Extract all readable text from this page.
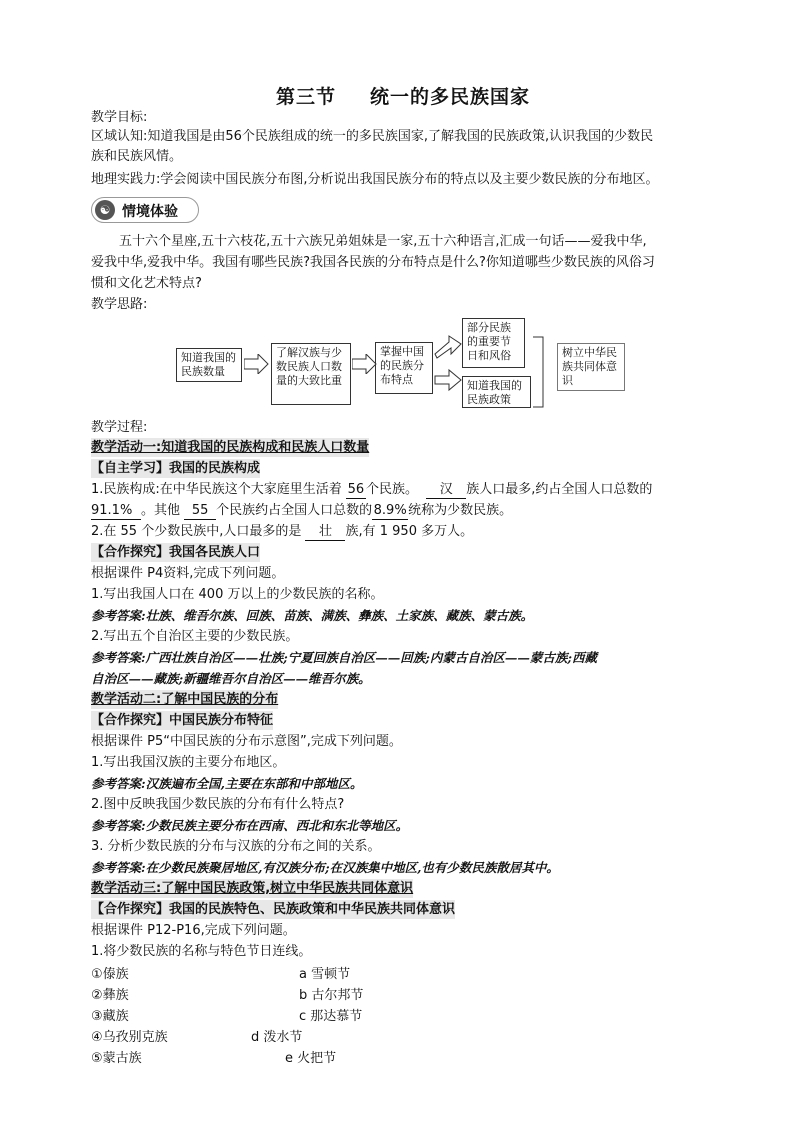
第三节 统一的多民族国家
教学目标:
区域认知:知道我国是由56个民族组成的统一的多民族国家,了解我国的民族政策,认识我国的少数民
族和民族风情。
地理实践力:学会阅读中国民族分布图,分析说出我国民族分布的特点以及主要少数民族的分布地区。
☯ 情境体验
五十六个星座,五十六枝花,五十六族兄弟姐妹是一家,五十六种语言,汇成一句话——爱我中华,
爱我中华,爱我中华。我国有哪些民族?我国各民族的分布特点是什么?你知道哪些少数民族的风俗习
惯和文化艺术特点?
教学思路:
知道我国的民族数量
了解汉族与少数民族人口数量的大致比重
掌握中国的民族分布特点
部分民族的重要节日和风俗
知道我国的民族政策
树立中华民族共同体意识
教学过程:
教学活动一:知道我国的民族构成和民族人口数量
【自主学习】我国的民族构成
1.民族构成:在中华民族这个大家庭里生活着 56 个民族。 汉 族人口最多,约占全国人口总数的
91.1% 。其他 55 个民族约占全国人口总数的8.9%统称为少数民族。
2.在 55 个少数民族中,人口最多的是 壮 族,有 1 950 多万人。
【合作探究】我国各民族人口
根据课件 P4资料,完成下列问题。
1.写出我国人口在 400 万以上的少数民族的名称。
参考答案:壮族、维吾尔族、回族、苗族、满族、彝族、土家族、藏族、蒙古族。
2.写出五个自治区主要的少数民族。
参考答案:广西壮族自治区——壮族;宁夏回族自治区——回族;内蒙古自治区——蒙古族;西藏
自治区——藏族;新疆维吾尔自治区——维吾尔族。
教学活动二:了解中国民族的分布
【合作探究】中国民族分布特征
根据课件 P5“中国民族的分布示意图”,完成下列问题。
1.写出我国汉族的主要分布地区。
参考答案:汉族遍布全国,主要在东部和中部地区。
2.图中反映我国少数民族的分布有什么特点?
参考答案:少数民族主要分布在西南、西北和东北等地区。
3. 分析少数民族的分布与汉族的分布之间的关系。
参考答案:在少数民族聚居地区,有汉族分布;在汉族集中地区,也有少数民族散居其中。
教学活动三:了解中国民族政策,树立中华民族共同体意识
【合作探究】我国的民族特色、民族政策和中华民族共同体意识
根据课件 P12-P16,完成下列问题。
1.将少数民族的名称与特色节日连线。
①傣族
②彝族
③藏族
④乌孜别克族
⑤蒙古族
a 雪顿节
b 古尔邦节
c 那达慕节
d 泼水节
e 火把节
